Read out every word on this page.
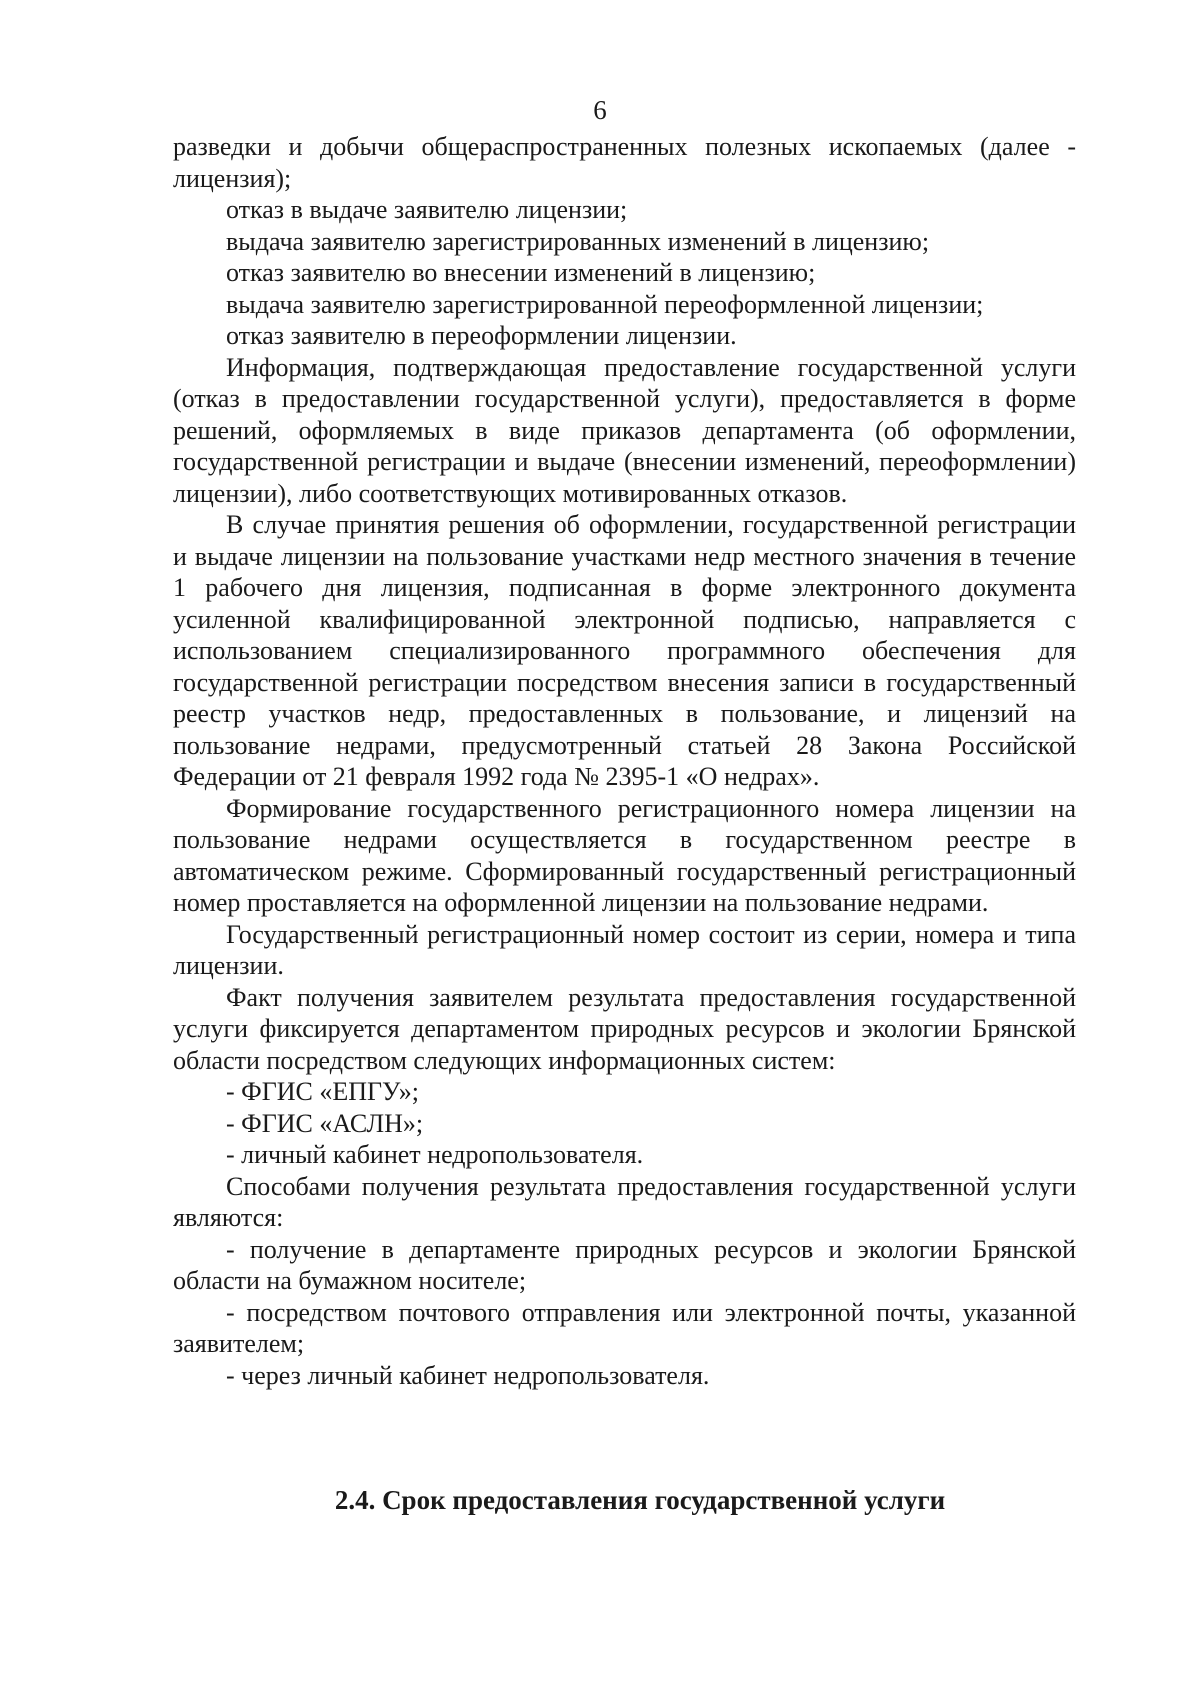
6

разведки и добычи общераспространенных полезных ископаемых (далее - лицензия);

отказ в выдаче заявителю лицензии;

выдача заявителю зарегистрированных изменений в лицензию;

отказ заявителю во внесении изменений в лицензию;

выдача заявителю зарегистрированной переоформленной лицензии;

отказ заявителю в переоформлении лицензии.

Информация, подтверждающая предоставление государственной услуги (отказ в предоставлении государственной услуги), предоставляется в форме решений, оформляемых в виде приказов департамента (об оформлении, государственной регистрации и выдаче (внесении изменений, переоформлении) лицензии), либо соответствующих мотивированных отказов.

В случае принятия решения об оформлении, государственной регистрации и выдаче лицензии на пользование участками недр местного значения в течение 1 рабочего дня лицензия, подписанная в форме электронного документа усиленной квалифицированной электронной подписью, направляется с использованием специализированного программного обеспечения для государственной регистрации посредством внесения записи в государственный реестр участков недр, предоставленных в пользование, и лицензий на пользование недрами, предусмотренный статьей 28 Закона Российской Федерации от 21 февраля 1992 года № 2395-1 «О недрах».

Формирование государственного регистрационного номера лицензии на пользование недрами осуществляется в государственном реестре в автоматическом режиме. Сформированный государственный регистрационный номер проставляется на оформленной лицензии на пользование недрами.

Государственный регистрационный номер состоит из серии, номера и типа лицензии.

Факт получения заявителем результата предоставления государственной услуги фиксируется департаментом природных ресурсов и экологии Брянской области посредством следующих информационных систем:

- ФГИС «ЕПГУ»;

- ФГИС «АСЛН»;

- личный кабинет недропользователя.

Способами получения результата предоставления государственной услуги являются:

- получение в департаменте природных ресурсов и экологии Брянской области на бумажном носителе;

- посредством почтового отправления или электронной почты, указанной заявителем;

- через личный кабинет недропользователя.

2.4. Срок предоставления государственной услуги
